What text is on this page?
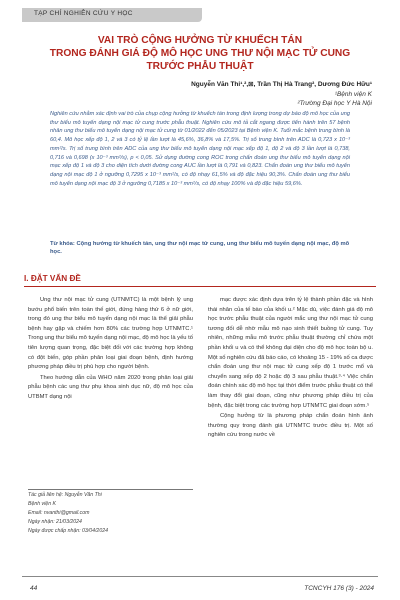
TẠP CHÍ NGHIÊN CỨU Y HỌC
VAI TRÒ CỘNG HƯỞNG TỪ KHUẾCH TÁN
TRONG ĐÁNH GIÁ ĐỘ MÔ HỌC UNG THƯ NỘI MẠC TỬ CUNG
TRƯỚC PHẪU THUẬT
Nguyễn Văn Thi¹,²,⊠, Trần Thị Hà Trang², Dương Đức Hữu¹
¹Bệnh viện K
²Trường Đại học Y Hà Nội
Nghiên cứu nhằm xác định vai trò của chụp cộng hưởng từ khuếch tán trong định lượng trong dự báo độ mô học của ung thư biểu mô tuyến dạng nội mạc tử cung trước phẫu thuật. Nghiên cứu mô tả cắt ngang được tiến hành trên 57 bệnh nhân ung thư biểu mô tuyến dạng nội mạc tử cung từ 01/2022 đến 05/2023 tại Bệnh viện K. Tuổi mắc bệnh trung bình là 60,4. Mô học xếp độ 1, 2 và 3 có tỷ lệ lần lượt là 45,6%, 36,8% và 17,5%. Trị số trung bình trên ADC là 0,723 x 10⁻³ mm²/s. Trị số trung bình trên ADC của ung thư biểu mô tuyến dạng nội mạc xếp độ 1, độ 2 và độ 3 lần lượt là 0,738, 0,716 và 0,698 (x 10⁻³ mm²/s), p < 0,05. Sử dụng đường cong ROC trong chẩn đoán ung thư biểu mô tuyến dạng nội mạc xếp độ 1 và độ 3 cho diện tích dưới đường cong AUC lần lượt là 0,791 và 0,823. Chẩn đoán ung thư biểu mô tuyến dạng nội mạc độ 1 ở ngưỡng 0,7295 x 10⁻³ mm²/s, có độ nhạy 61,5% và độ đặc hiệu 90,3%. Chẩn đoán ung thư biểu mô tuyến dạng nội mạc độ 3 ở ngưỡng 0,7185 x 10⁻³ mm²/s, có độ nhạy 100% và độ đặc hiệu 59,6%.
Từ khóa: Cộng hưởng từ khuếch tán, ung thư nội mạc tử cung, ung thư biểu mô tuyến dạng nội mạc, độ mô học.
I. ĐẶT VẤN ĐỀ

Ung thư nội mạc tử cung (UTNMTC) là một bệnh lý ung bướu phổ biến trên toàn thế giới, đứng hàng thứ 6 ở nữ giới, trong đó ung thư biểu mô tuyến dạng nội mạc là thể giải phẫu bệnh hay gặp và chiếm hơn 80% các trường hợp UTNMTC.¹ Trong ung thư biểu mô tuyến dạng nội mạc, độ mô học là yếu tố tiên lượng quan trọng, đặc biệt đối với các trường hợp không có đột biến, góp phần phân loại giai đoạn bệnh, định hướng phương pháp điều trị phù hợp cho người bệnh.

Theo hướng dẫn của WHO năm 2020 trong phân loại giải phẫu bệnh các ung thư phụ khoa sinh dục nữ, độ mô học của UTBMT dạng nội

Tác giả liên hệ: Nguyễn Văn Thi
Bệnh viện K
Email: nvanthi@gmail.com
Ngày nhận: 21/03/2024
Ngày được chấp nhận: 03/04/2024

mạc được xác định dựa trên tỷ lệ thành phần đặc và hình thái nhân của tế bào của khối u.² Mặc dù, việc đánh giá độ mô học trước phẫu thuật của người mắc ung thư nội mạc tử cung tương đối dễ nhờ mẫu mô nạo sinh thiết buồng tử cung. Tuy nhiên, những mẫu mô trước phẫu thuật thường chỉ chứa một phần khối u và có thể không đại diện cho độ mô học toàn bộ u. Một số nghiên cứu đã báo cáo, có khoảng 15 - 19% số ca được chẩn đoán ung thư nội mạc tử cung xếp độ 1 trước mổ và chuyển sang xếp độ 2 hoặc độ 3 sau phẫu thuật.³·⁴ Việc chẩn đoán chính xác độ mô học tại thời điểm trước phẫu thuật có thể làm thay đổi giai đoạn, cũng như phương pháp điều trị của bệnh, đặc biệt trong các trường hợp UTNMTC giai đoạn sớm.⁵

Cộng hưởng từ là phương pháp chẩn đoán hình ảnh thường quy trong đánh giá UTNMTC trước điều trị. Một số nghiên cứu trong nước về

44	TCNCYH 176 (3) - 2024
